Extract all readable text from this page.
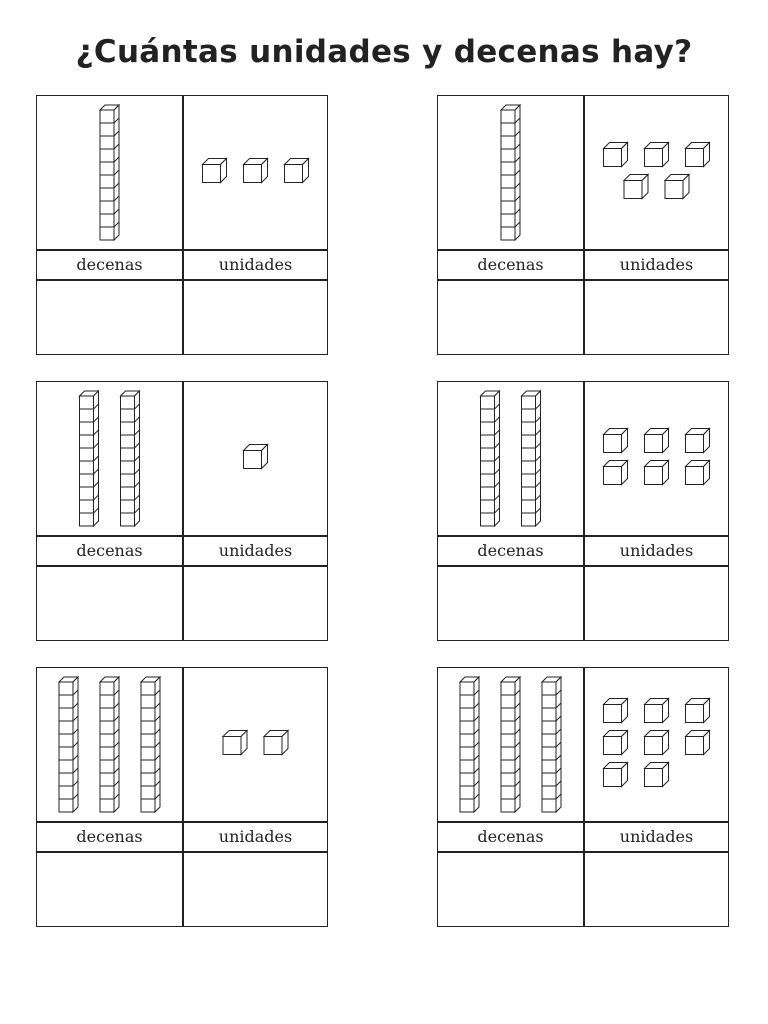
¿Cuántas unidades y decenas hay?
decenas	unidades	decenas	unidades
decenas	unidades	decenas	unidades
decenas	unidades	decenas	unidades
